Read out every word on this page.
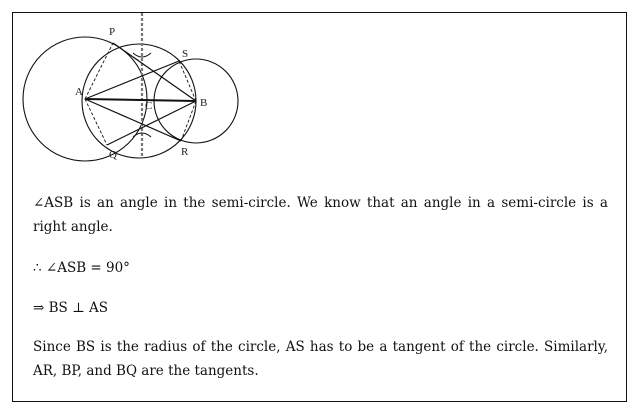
A
B
C
P
Q	R
S
∠ASB is an angle in the semi-circle. We know that an angle in a semi-circle is a right angle.
∴ ∠ASB = 90°
⇒ BS ⊥ AS
Since BS is the radius of the circle, AS has to be a tangent of the circle. Similarly, AR, BP, and BQ are the tangents.
